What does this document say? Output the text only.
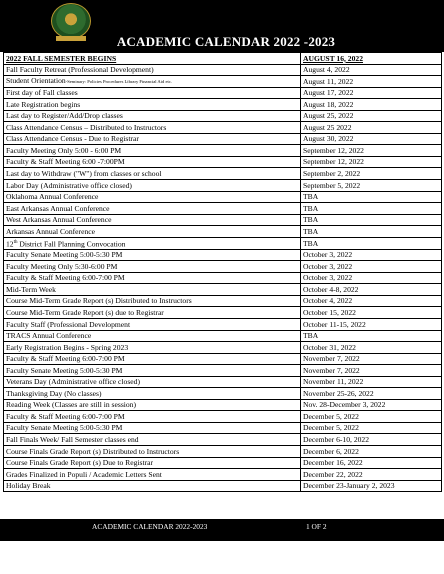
ACADEMIC CALENDAR 2022 -2023
2022 FALL SEMESTER BEGINS	AUGUST 16, 2022
Fall Faculty Retreat (Professional Development)	August 4, 2022
Student Orientation-Seminary: Policies Procedures Library Financial Aid etc.	August 11, 2022
First day of Fall classes	August 17, 2022
Late Registration begins	August 18, 2022
Last day to Register/Add/Drop classes	August 25, 2022
Class Attendance Census – Distributed to Instructors	August 25 2022
Class Attendance Census - Due to Registrar	August 30, 2022
Faculty Meeting Only 5:00 - 6:00 PM	September 12, 2022
Faculty & Staff Meeting 6:00 -7:00PM	September 12, 2022
Last day to Withdraw ("W") from classes or school	September 2, 2022
Labor Day (Administrative office closed)	September 5, 2022
Oklahoma Annual Conference	TBA
East Arkansas Annual Conference	TBA
West Arkansas Annual Conference	TBA
Arkansas Annual Conference	TBA
12th District Fall Planning Convocation	TBA
Faculty Senate Meeting 5:00-5:30 PM	October 3, 2022
Faculty Meeting Only 5:30-6:00 PM	October 3, 2022
Faculty & Staff Meeting 6:00-7:00 PM	October 3, 2022
Mid-Term Week	October 4-8, 2022
Course Mid-Term Grade Report (s) Distributed to Instructors	October 4, 2022
Course Mid-Term Grade Report (s) due to Registrar	October 15, 2022
Faculty Staff (Professional Development	October 11-15, 2022
TRACS Annual Conference	TBA
Early Registration Begins - Spring 2023	October 31, 2022
Faculty & Staff Meeting 6:00-7:00 PM	November 7, 2022
Faculty Senate Meeting 5:00-5:30 PM	November 7, 2022
Veterans Day (Administrative office closed)	November 11, 2022
Thanksgiving Day (No classes)	November 25-26, 2022
Reading Week (Classes are still in session)	Nov. 28-December 3, 2022
Faculty & Staff Meeting 6:00-7:00 PM	December 5, 2022
Faculty Senate Meeting 5:00-5:30 PM	December 5, 2022
Fall Finals Week/ Fall Semester classes end	December 6-10, 2022
Course Finals Grade Report (s) Distributed to Instructors	December 6, 2022
Course Finals Grade Report (s) Due to Registrar	December 16, 2022
Grades Finalized in Populi / Academic Letters Sent	December 22, 2022
Holiday Break	December 23-January 2, 2023
ACADEMIC CALENDAR 2022-2023	1 OF 2
